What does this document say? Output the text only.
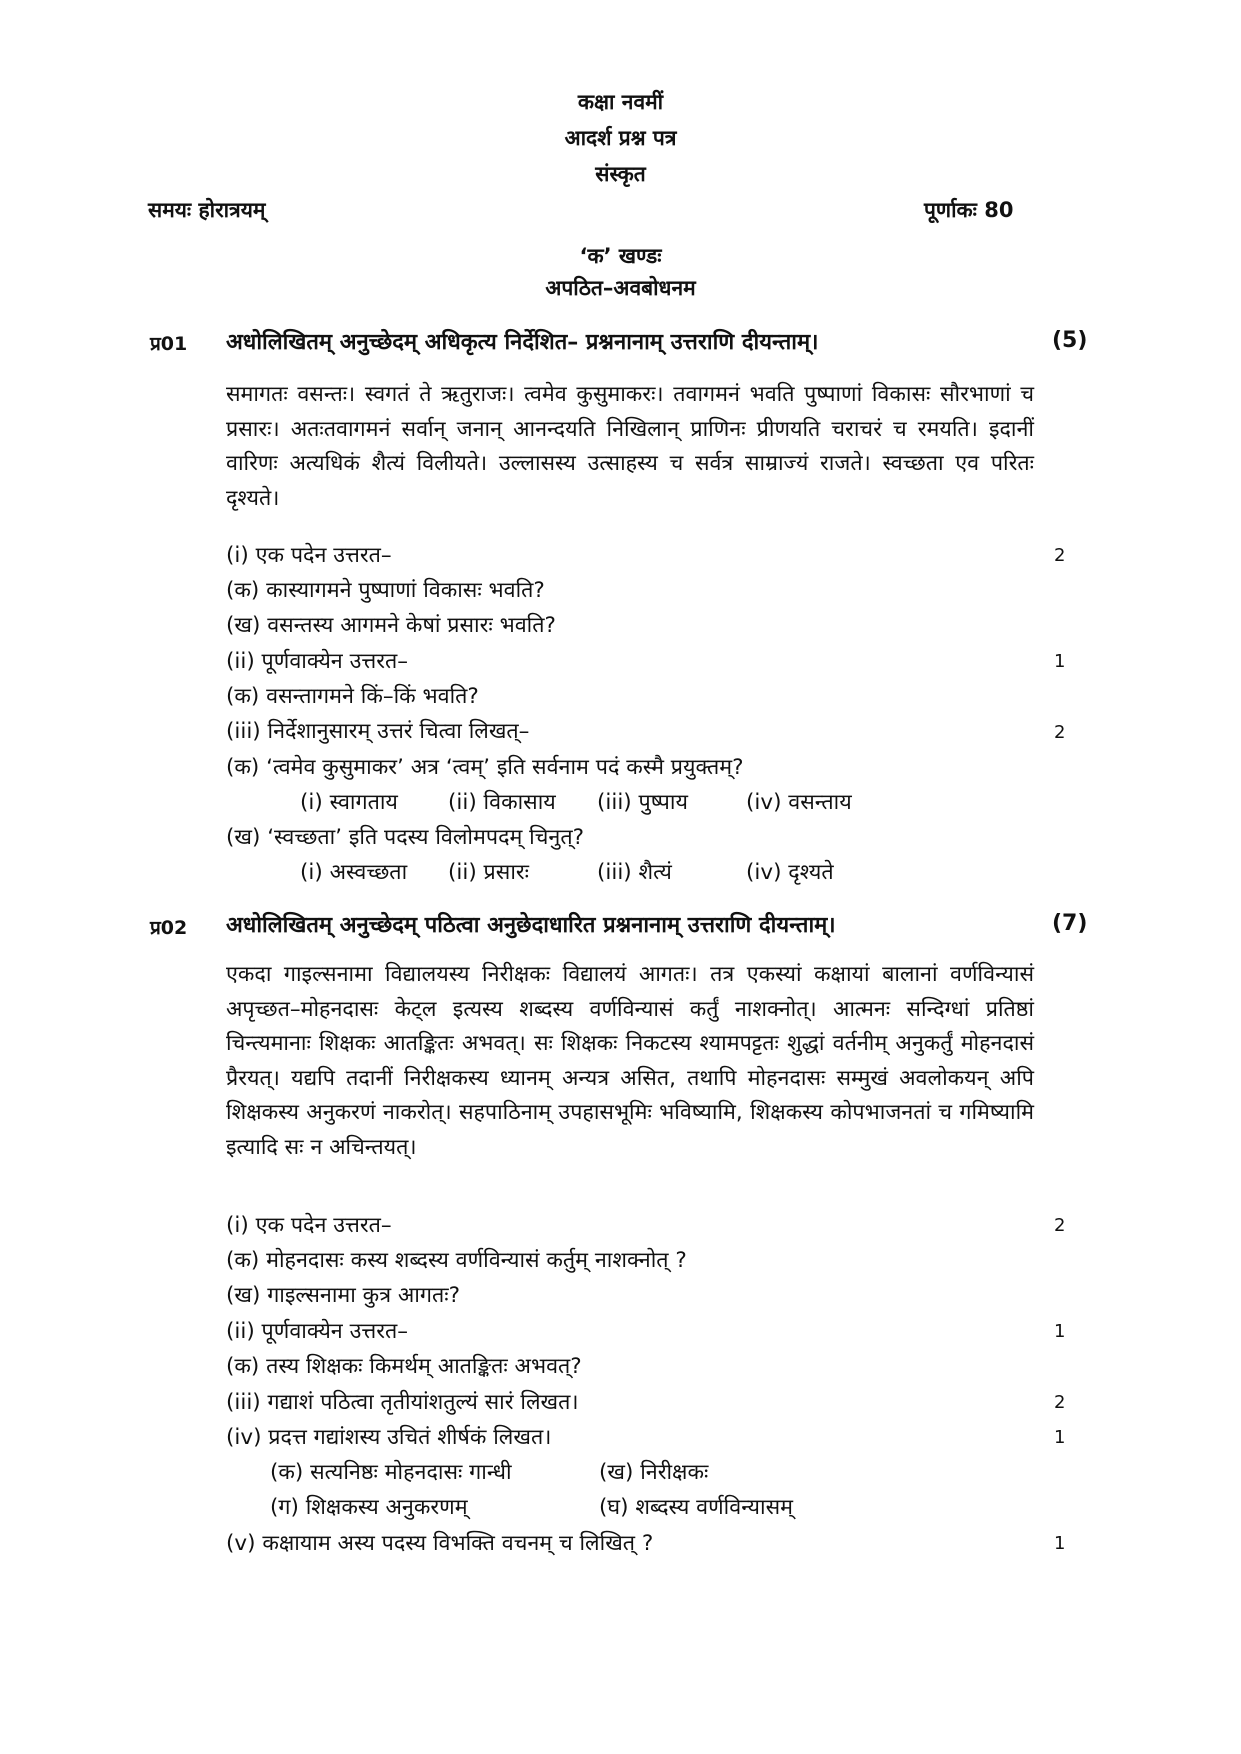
कक्षा नवमीं
आदर्श प्रश्न पत्र
संस्कृत
समयः होरात्रयम्	पूर्णाकः 80
‘क’ खण्डः
अपठित–अवबोधनम
प्र01 अधोलिखितम् अनुच्छेदम् अधिकृत्य निर्देशित– प्रश्ननानाम् उत्तराणि दीयन्ताम्।	(5)
समागतः वसन्तः। स्वगतं ते ऋतुराजः। त्वमेव कुसुमाकरः। तवागमनं भवति पुष्पाणां विकासः सौरभाणां च प्रसारः। अतःतवागमनं सर्वान् जनान् आनन्दयति निखिलान् प्राणिनः प्रीणयति चराचरं च रमयति। इदानीं वारिणः अत्यधिकं शैत्यं विलीयते। उल्लासस्य उत्साहस्य च सर्वत्र साम्राज्यं राजते। स्वच्छता एव परितः दृश्यते।
(i) एक पदेन उत्तरत–	2
(क) कास्यागमने पुष्पाणां विकासः भवति?
(ख) वसन्तस्य आगमने केषां प्रसारः भवति?
(ii) पूर्णवाक्येन उत्तरत–	1
(क) वसन्तागमने किं–किं भवति?
(iii) निर्देशानुसारम् उत्तरं चित्वा लिखत्–	2
(क) ‘त्वमेव कुसुमाकर’ अत्र ‘त्वम्’ इति सर्वनाम पदं कस्मै प्रयुक्तम्?
(i) स्वागताय (ii) विकासाय (iii) पुष्पाय	(iv) वसन्ताय
(ख) ‘स्वच्छता’ इति पदस्य विलोमपदम् चिनुत्?
(i) अस्वच्छता (ii) प्रसारः	(iii) शैत्यं	(iv) दृश्यते
प्र02 अधोलिखितम् अनुच्छेदम् पठित्वा अनुछेदाधारित प्रश्ननानाम् उत्तराणि दीयन्ताम्।	(7)
एकदा गाइल्सनामा विद्यालयस्य निरीक्षकः विद्यालयं आगतः। तत्र एकस्यां कक्षायां बालानां वर्णविन्यासं अपृच्छत–मोहनदासः केट्ल इत्यस्य शब्दस्य वर्णविन्यासं कर्तुं नाशक्नोत्। आत्मनः सन्दिग्धां प्रतिष्ठां चिन्त्यमानाः शिक्षकः आतङ्कितः अभवत्। सः शिक्षकः निकटस्य श्यामपट्टतः शुद्धां वर्तनीम् अनुकर्तुं मोहनदासं प्रैरयत्। यद्यपि तदानीं निरीक्षकस्य ध्यानम् अन्यत्र असित, तथापि मोहनदासः सम्मुखं अवलोकयन् अपि शिक्षकस्य अनुकरणं नाकरोत्। सहपाठिनाम् उपहासभूमिः भविष्यामि, शिक्षकस्य कोपभाजनतां च गमिष्यामि इत्यादि सः न अचिन्तयत्।
(i) एक पदेन उत्तरत–	2
(क) मोहनदासः कस्य शब्दस्य वर्णविन्यासं कर्तुम् नाशक्नोत् ?
(ख) गाइल्सनामा कुत्र आगतः?
(ii) पूर्णवाक्येन उत्तरत–	1
(क) तस्य शिक्षकः किमर्थम् आतङ्कितः अभवत्?
(iii) गद्याशं पठित्वा तृतीयांशतुल्यं सारं लिखत।	2
(iv) प्रदत्त गद्यांशस्य उचितं शीर्षकं लिखत।	1
(क) सत्यनिष्ठः मोहनदासः गान्धी	(ख) निरीक्षकः
(ग) शिक्षकस्य अनुकरणम्	(घ) शब्दस्य वर्णविन्यासम्
(v) कक्षायाम अस्य पदस्य विभक्ति वचनम् च लिखित् ?	1
